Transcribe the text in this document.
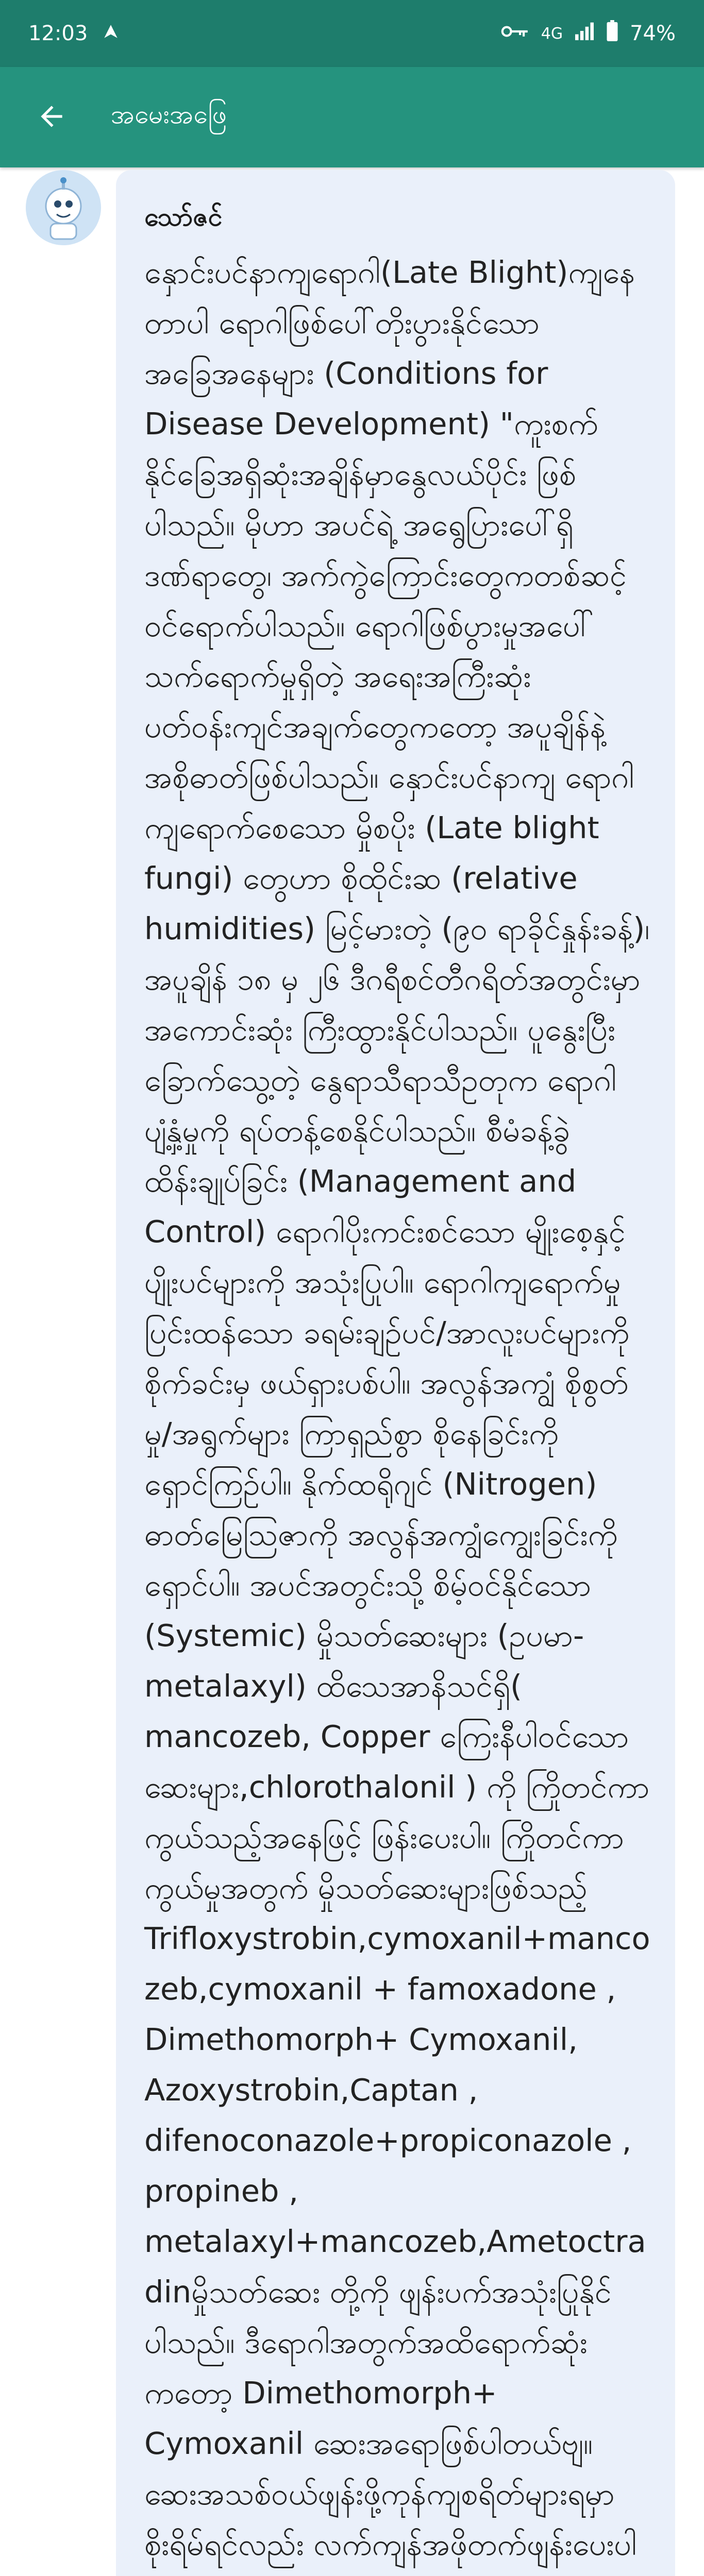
12:03	4G	74%
အမေးအဖြေ
သော်ဇင်
နှောင်းပင်နာကျရောဂါ(Late Blight)ကျနေတာပါ ရောဂါဖြစ်ပေါ်တိုးပွားနိုင်သော အခြေအနေများ (Conditions for Disease Development) "ကူးစက်နိုင်ခြေအရှိဆုံးအချိန်မှာနွေလယ်ပိုင်း ဖြစ်ပါသည်။ မိုဟာ အပင်ရဲ့ အရွေပြားပေါ်ရှိ ဒဏ်ရာတွေ၊ အက်ကွဲကြောင်းတွေကတစ်ဆင့် ဝင်ရောက်ပါသည်။ ရောဂါဖြစ်ပွားမှုအပေါ် သက်ရောက်မှုရှိတဲ့ အရေးအကြီးဆုံး ပတ်ဝန်းကျင်အချက်တွေကတော့ အပူချိန်နဲ့ အစိုဓာတ်ဖြစ်ပါသည်။ နှောင်းပင်နာကျ ရောဂါကျရောက်စေသော မှိုစပိုး (Late blight fungi) တွေဟာ စိုထိုင်းဆ (relative humidities) မြင့်မားတဲ့ (၉၀ ရာခိုင်နှုန်းခန့်)၊ အပူချိန် ၁၈ မှ ၂၆ ဒီဂရီစင်တီဂရိတ်အတွင်းမှာ အကောင်းဆုံး ကြီးထွားနိုင်ပါသည်။ ပူနွေးပြီး ခြောက်သွေ့တဲ့ နွေရာသီရာသီဥတုက ရောဂါပျံ့နှံ့မှုကို ရပ်တန့်စေနိုင်ပါသည်။ စီမံခန့်ခွဲထိန်းချုပ်ခြင်း (Management and Control) ရောဂါပိုးကင်းစင်သော မျိုးစေ့နှင့် ပျိုးပင်များကို အသုံးပြုပါ။ ရောဂါကျရောက်မှု ပြင်းထန်သော ခရမ်းချဉ်ပင်/အာလူးပင်များကို စိုက်ခင်းမှ ဖယ်ရှားပစ်ပါ။ အလွန်အကျွံ စိုစွတ်မှု/အရွက်များ ကြာရှည်စွာ စိုနေခြင်းကို ရှောင်ကြဉ်ပါ။ နိုက်ထရိုဂျင် (Nitrogen) ဓာတ်မြေသြဇာကို အလွန်အကျွံကျွေးခြင်းကို ရှောင်ပါ။ အပင်အတွင်းသို့ စိမ့်ဝင်နိုင်သော (Systemic) မှိုသတ်ဆေးများ (ဥပမာ- metalaxyl) ထိသေအာနိသင်ရှိ( mancozeb, Copper ကြေးနီပါဝင်သောဆေးများ,chlorothalonil ) ကို ကြိုတင်ကာကွယ်သည့်အနေဖြင့် ဖြန်းပေးပါ။ ကြိုတင်ကာကွယ်မှုအတွက် မှိုသတ်ဆေးများဖြစ်သည့် Trifloxystrobin,cymoxanil+mancozeb,cymoxanil + famoxadone , Dimethomorph+ Cymoxanil, Azoxystrobin,Captan , difenoconazole+propiconazole , propineb , metalaxyl+mancozeb,Ametoctradinမှိုသတ်ဆေး တို့ကို ဖျန်းပက်အသုံးပြုနိုင်ပါသည်။ ဒီရောဂါအတွက်အထိရောက်ဆုံးကတော့ Dimethomorph+ Cymoxanil ဆေးအရောဖြစ်ပါတယ်ဗျ။ ဆေးအသစ်ဝယ်ဖျန်းဖို့ကုန်ကျစရိတ်များရမှာစိုးရိမ်ရင်လည်း လက်ကျန်အဖိုတက်ဖျန်းပေးပါ
